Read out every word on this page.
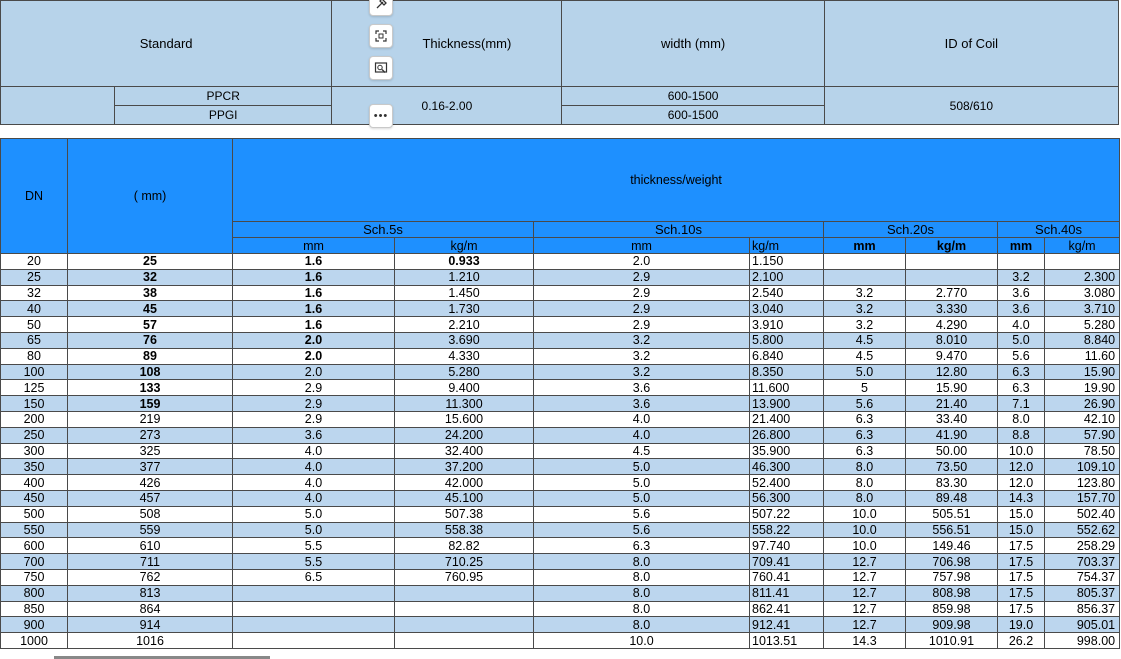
Standard		Thickness(mm)	width (mm)	ID of Coil
	PPCR	0.16-2.00	600-1500	508/610
	PPGI		600-1500	
•••
DN	( mm)	thickness/weight							
		Sch.5s		Sch.10s		Sch.20s		Sch.40s	
		mm	kg/m	mm	kg/m	mm	kg/m	mm	kg/m
20	25	1.6	0.933	2.0	1.150				
25	32	1.6	1.210	2.9	2.100			3.2	2.300
32	38	1.6	1.450	2.9	2.540	3.2	2.770	3.6	3.080
40	45	1.6	1.730	2.9	3.040	3.2	3.330	3.6	3.710
50	57	1.6	2.210	2.9	3.910	3.2	4.290	4.0	5.280
65	76	2.0	3.690	3.2	5.800	4.5	8.010	5.0	8.840
80	89	2.0	4.330	3.2	6.840	4.5	9.470	5.6	11.60
100	108	2.0	5.280	3.2	8.350	5.0	12.80	6.3	15.90
125	133	2.9	9.400	3.6	11.600	5	15.90	6.3	19.90
150	159	2.9	11.300	3.6	13.900	5.6	21.40	7.1	26.90
200	219	2.9	15.600	4.0	21.400	6.3	33.40	8.0	42.10
250	273	3.6	24.200	4.0	26.800	6.3	41.90	8.8	57.90
300	325	4.0	32.400	4.5	35.900	6.3	50.00	10.0	78.50
350	377	4.0	37.200	5.0	46.300	8.0	73.50	12.0	109.10
400	426	4.0	42.000	5.0	52.400	8.0	83.30	12.0	123.80
450	457	4.0	45.100	5.0	56.300	8.0	89.48	14.3	157.70
500	508	5.0	507.38	5.6	507.22	10.0	505.51	15.0	502.40
550	559	5.0	558.38	5.6	558.22	10.0	556.51	15.0	552.62
600	610	5.5	82.82	6.3	97.740	10.0	149.46	17.5	258.29
700	711	5.5	710.25	8.0	709.41	12.7	706.98	17.5	703.37
750	762	6.5	760.95	8.0	760.41	12.7	757.98	17.5	754.37
800	813			8.0	811.41	12.7	808.98	17.5	805.37
850	864			8.0	862.41	12.7	859.98	17.5	856.37
900	914			8.0	912.41	12.7	909.98	19.0	905.01
1000	1016			10.0	1013.51	14.3	1010.91	26.2	998.00
